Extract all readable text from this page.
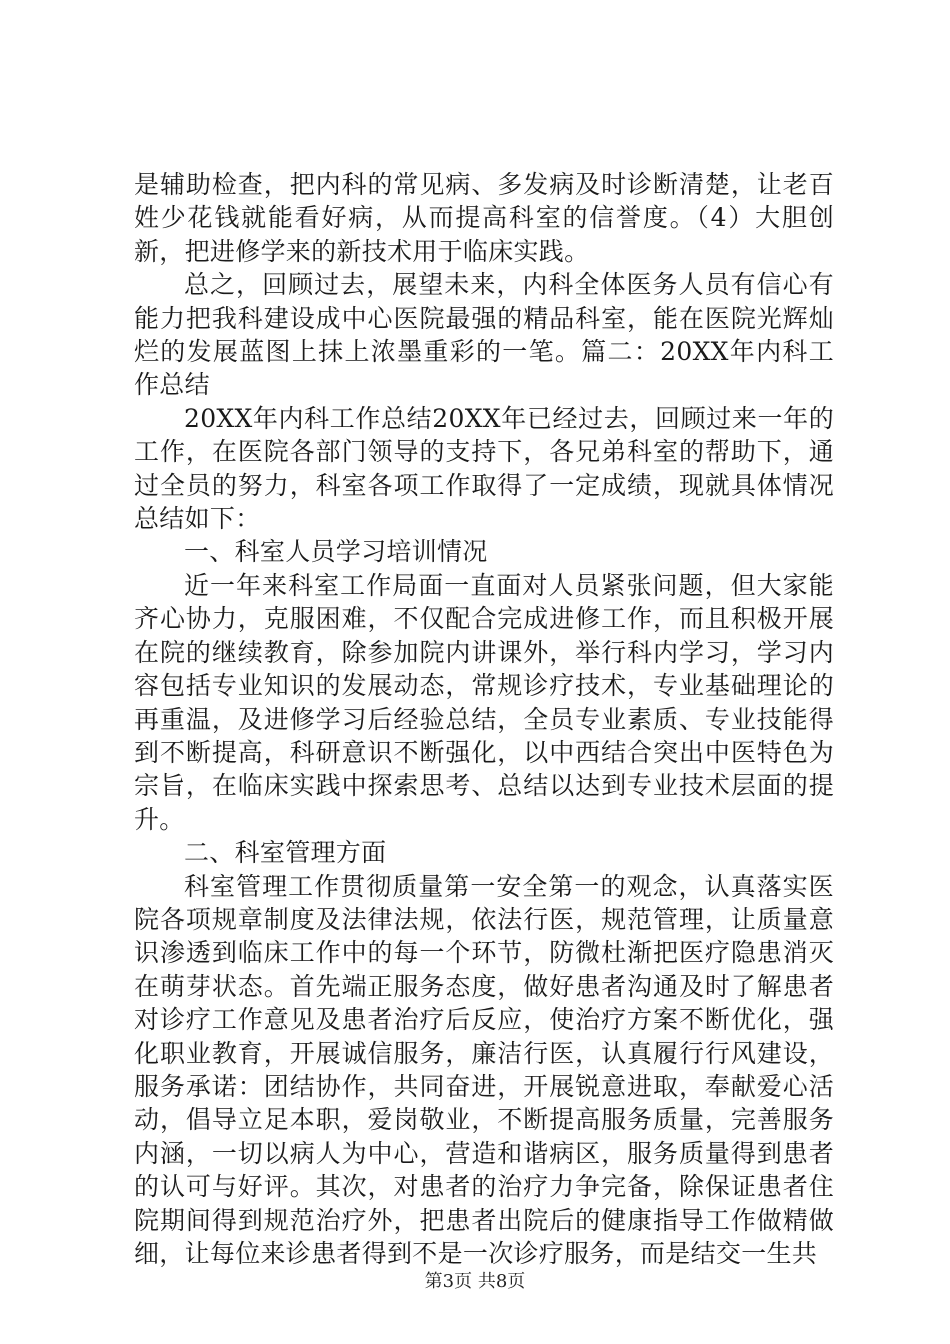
是辅助检查，把内科的常见病、多发病及时诊断清楚，让老百姓少花钱就能看好病，从而提高科室的信誉度。（4）大胆创新，把进修学来的新技术用于临床实践。

总之，回顾过去，展望未来，内科全体医务人员有信心有能力把我科建设成中心医院最强的精品科室，能在医院光辉灿烂的发展蓝图上抹上浓墨重彩的一笔。篇二：20XX年内科工作总结

20XX年内科工作总结20XX年已经过去，回顾过来一年的工作，在医院各部门领导的支持下，各兄弟科室的帮助下，通过全员的努力，科室各项工作取得了一定成绩，现就具体情况总结如下：

一、科室人员学习培训情况

近一年来科室工作局面一直面对人员紧张问题，但大家能齐心协力，克服困难，不仅配合完成进修工作，而且积极开展在院的继续教育，除参加院内讲课外，举行科内学习，学习内容包括专业知识的发展动态，常规诊疗技术，专业基础理论的再重温，及进修学习后经验总结，全员专业素质、专业技能得到不断提高，科研意识不断强化，以中西结合突出中医特色为宗旨，在临床实践中探索思考、总结以达到专业技术层面的提升。

二、科室管理方面

科室管理工作贯彻质量第一安全第一的观念，认真落实医院各项规章制度及法律法规，依法行医，规范管理，让质量意识渗透到临床工作中的每一个环节，防微杜渐把医疗隐患消灭在萌芽状态。首先端正服务态度，做好患者沟通及时了解患者对诊疗工作意见及患者治疗后反应，使治疗方案不断优化，强化职业教育，开展诚信服务，廉洁行医，认真履行行风建设，服务承诺：团结协作，共同奋进，开展锐意进取，奉献爱心活动，倡导立足本职，爱岗敬业，不断提高服务质量，完善服务内涵，一切以病人为中心，营造和谐病区，服务质量得到患者的认可与好评。其次，对患者的治疗力争完备，除保证患者住院期间得到规范治疗外，把患者出院后的健康指导工作做精做细，让每位来诊患者得到不是一次诊疗服务，而是结交一生共

第3页 共8页
